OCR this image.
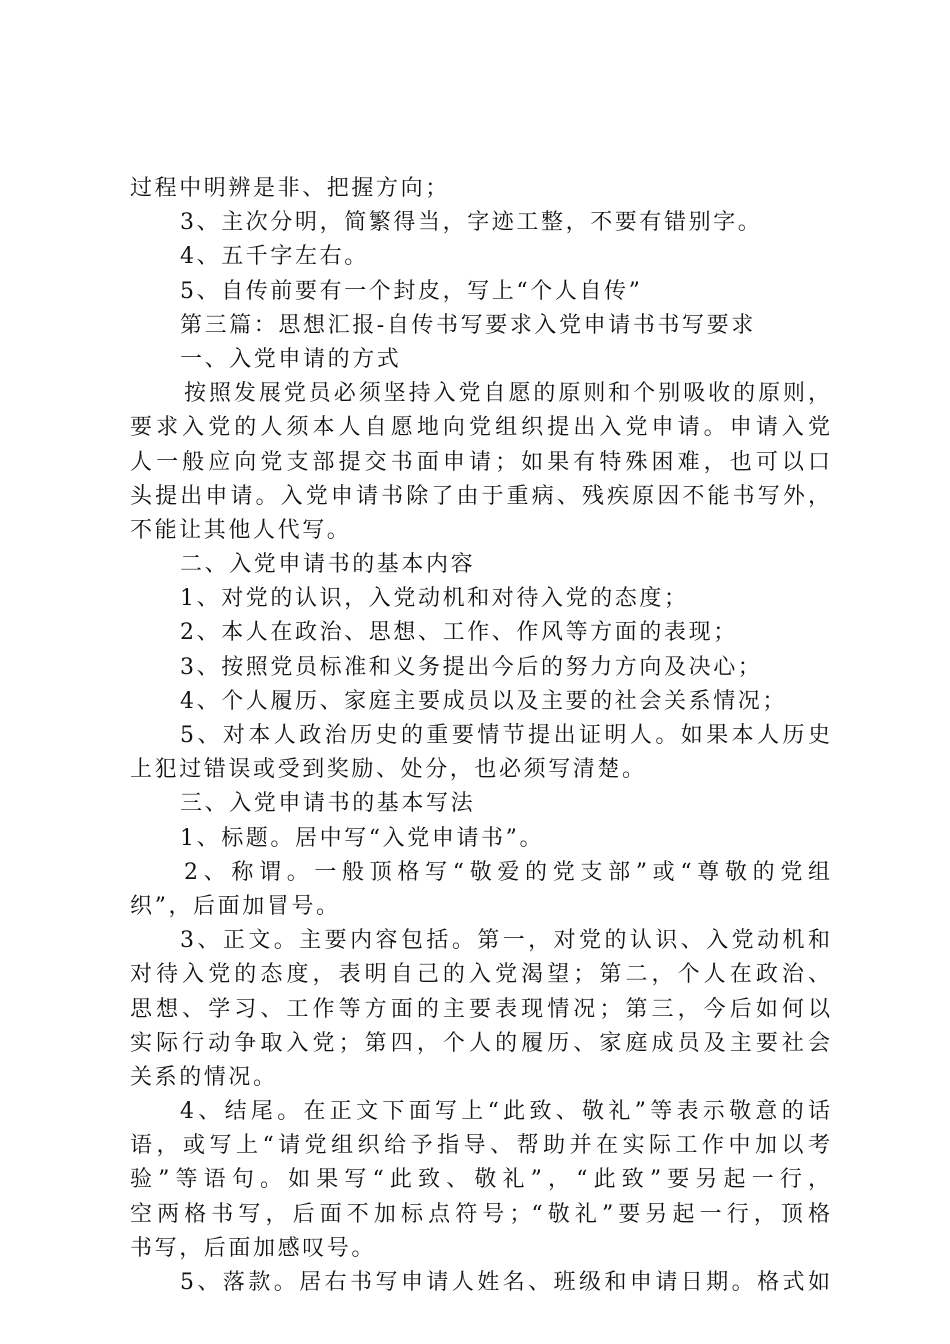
过程中明辨是非、把握方向；
3、主次分明，简繁得当，字迹工整，不要有错别字。
4、五千字左右。
5、自传前要有一个封皮，写上“个人自传”
第三篇：思想汇报-自传书写要求入党申请书书写要求
一、入党申请的方式
按照发展党员必须坚持入党自愿的原则和个别吸收的原则，
要求入党的人须本人自愿地向党组织提出入党申请。申请入党
人一般应向党支部提交书面申请；如果有特殊困难，也可以口
头提出申请。入党申请书除了由于重病、残疾原因不能书写外，
不能让其他人代写。
二、入党申请书的基本内容
1、对党的认识，入党动机和对待入党的态度；
2、本人在政治、思想、工作、作风等方面的表现；
3、按照党员标准和义务提出今后的努力方向及决心；
4、个人履历、家庭主要成员以及主要的社会关系情况；
5、对本人政治历史的重要情节提出证明人。如果本人历史
上犯过错误或受到奖励、处分，也必须写清楚。
三、入党申请书的基本写法
1、标题。居中写“入党申请书”。
2、称谓。一般顶格写“敬爱的党支部”或“尊敬的党组
织”，后面加冒号。
3、正文。主要内容包括。第一，对党的认识、入党动机和
对待入党的态度，表明自己的入党渴望；第二，个人在政治、
思想、学习、工作等方面的主要表现情况；第三，今后如何以
实际行动争取入党；第四，个人的履历、家庭成员及主要社会
关系的情况。
4、结尾。在正文下面写上“此致、敬礼”等表示敬意的话
语，或写上“请党组织给予指导、帮助并在实际工作中加以考
验”等语句。如果写“此致、敬礼”，“此致”要另起一行，
空两格书写，后面不加标点符号；“敬礼”要另起一行，顶格
书写，后面加感叹号。
5、落款。居右书写申请人姓名、班级和申请日期。格式如
